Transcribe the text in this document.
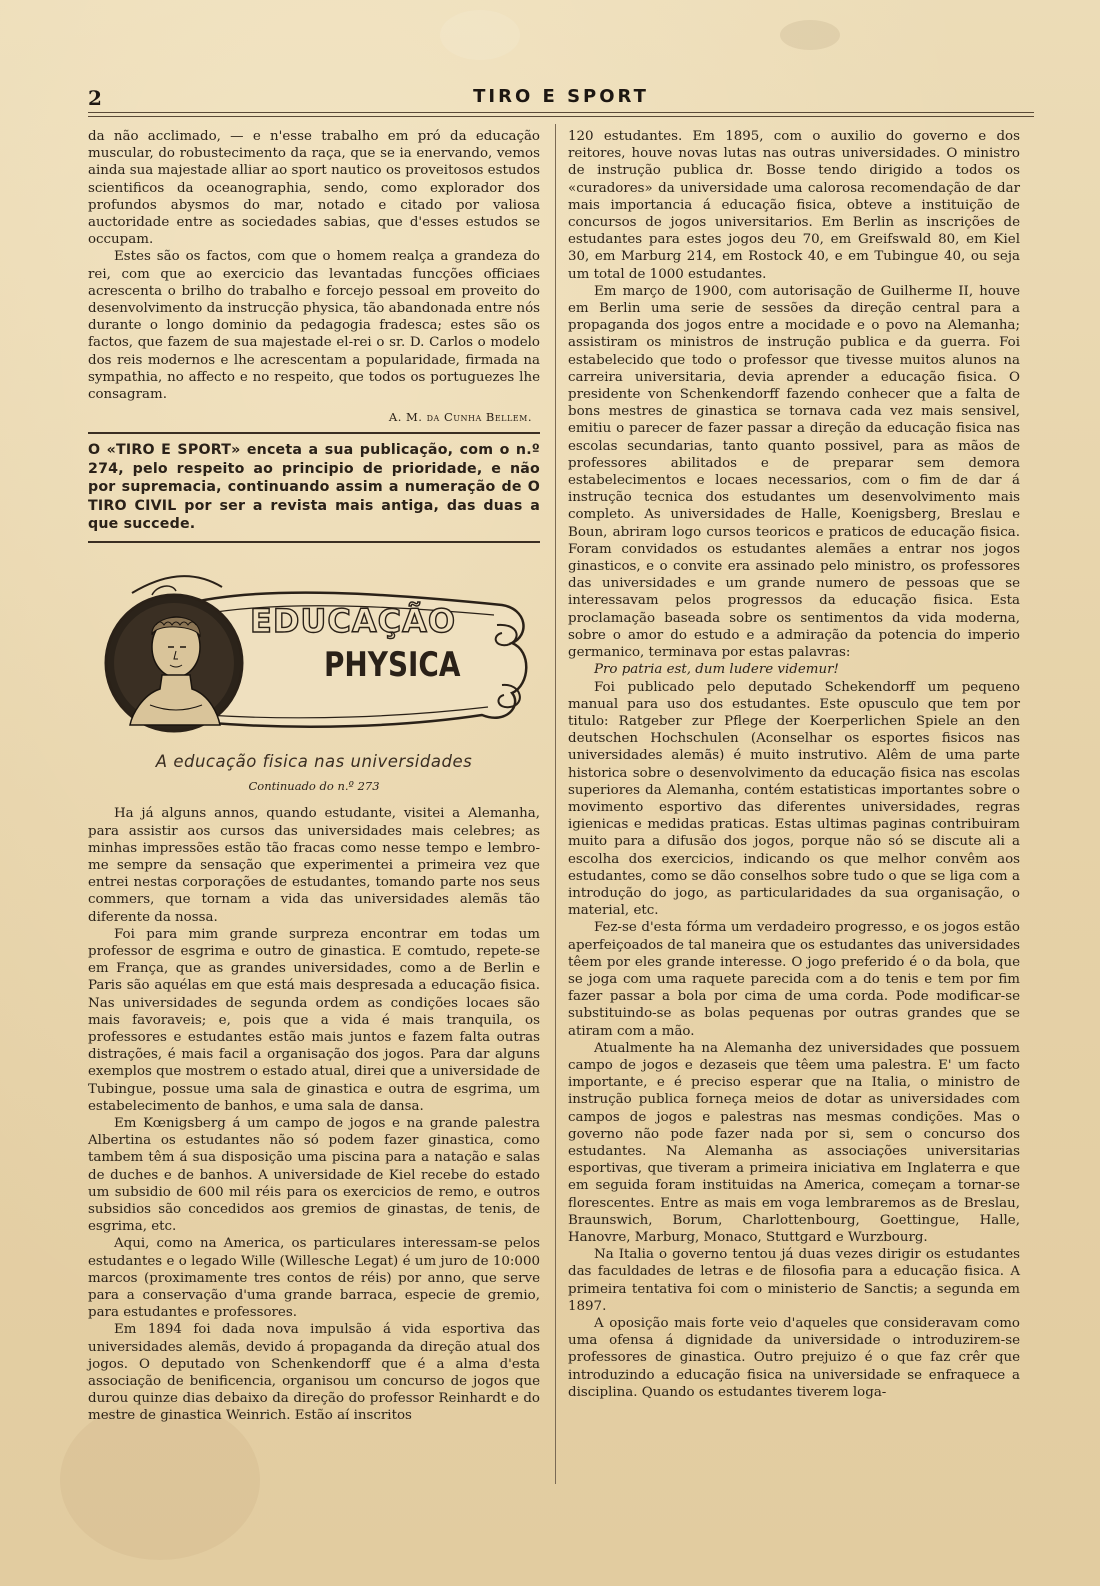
2	TIRO E SPORT

da não acclimado, — e n'esse trabalho em pró da educação muscular, do robustecimento da raça, que se ia enervando, vemos ainda sua majestade alliar ao sport nautico os proveitosos estudos scientificos da oceanographia, sendo, como explorador dos profundos abysmos do mar, notado e citado por valiosa auctoridade entre as sociedades sabias, que d'esses estudos se occupam.

Estes são os factos, com que o homem realça a grandeza do rei, com que ao exercicio das levantadas funcções officiaes acrescenta o brilho do trabalho e forcejo pessoal em proveito do desenvolvimento da instrucção physica, tão abandonada entre nós durante o longo dominio da pedagogia fradesca; estes são os factos, que fazem de sua majestade el-rei o sr. D. Carlos o modelo dos reis modernos e lhe acrescentam a popularidade, firmada na sympathia, no affecto e no respeito, que todos os portuguezes lhe consagram.

A. M. da Cunha Bellem.
O «TIRO E SPORT» enceta a sua publicação, com o n.º 274, pelo respeito ao principio de prioridade, e não por supremacia, continuando assim a numeração de O TIRO CIVIL por ser a revista mais antiga, das duas a que succede.
EDUCAÇÃO
PHYSICA
A educação fisica nas universidades
Continuado do n.º 273

Ha já alguns annos, quando estudante, visitei a Alemanha, para assistir aos cursos das universidades mais celebres; as minhas impressões estão tão fracas como nesse tempo e lembro-me sempre da sensação que experimentei a primeira vez que entrei nestas corporações de estudantes, tomando parte nos seus commers, que tornam a vida das universidades alemãs tão diferente da nossa.

Foi para mim grande surpreza encontrar em todas um professor de esgrima e outro de ginastica. E comtudo, repete-se em França, que as grandes universidades, como a de Berlin e Paris são aquélas em que está mais despresada a educação fisica. Nas universidades de segunda ordem as condições locaes são mais favoraveis; e, pois que a vida é mais tranquila, os professores e estudantes estão mais juntos e fazem falta outras distrações, é mais facil a organisação dos jogos. Para dar alguns exemplos que mostrem o estado atual, direi que a universidade de Tubingue, possue uma sala de ginastica e outra de esgrima, um estabelecimento de banhos, e uma sala de dansa.

Em Kœnigsberg á um campo de jogos e na grande palestra Albertina os estudantes não só podem fazer ginastica, como tambem têm á sua disposição uma piscina para a natação e salas de duches e de banhos. A universidade de Kiel recebe do estado um subsidio de 600 mil réis para os exercicios de remo, e outros subsidios são concedidos aos gremios de ginastas, de tenis, de esgrima, etc.

Aqui, como na America, os particulares interessam-se pelos estudantes e o legado Wille (Willesche Legat) é um juro de 10:000 marcos (proximamente tres contos de réis) por anno, que serve para a conservação d'uma grande barraca, especie de gremio, para estudantes e professores.

Em 1894 foi dada nova impulsão á vida esportiva das universidades alemãs, devido á propaganda da direção atual dos jogos. O deputado von Schenkendorff que é a alma d'esta associação de benificencia, organisou um concurso de jogos que durou quinze dias debaixo da direção do professor Reinhardt e do mestre de ginastica Weinrich. Estão aí inscritos

120 estudantes. Em 1895, com o auxilio do governo e dos reitores, houve novas lutas nas outras universidades. O ministro de instrução publica dr. Bosse tendo dirigido a todos os «curadores» da universidade uma calorosa recomendação de dar mais importancia á educação fisica, obteve a instituição de concursos de jogos universitarios. Em Berlin as inscrições de estudantes para estes jogos deu 70, em Greifswald 80, em Kiel 30, em Marburg 214, em Rostock 40, e em Tubingue 40, ou seja um total de 1000 estudantes.

Em março de 1900, com autorisação de Guilherme II, houve em Berlin uma serie de sessões da direção central para a propaganda dos jogos entre a mocidade e o povo na Alemanha; assistiram os ministros de instrução publica e da guerra. Foi estabelecido que todo o professor que tivesse muitos alunos na carreira universitaria, devia aprender a educação fisica. O presidente von Schenkendorff fazendo conhecer que a falta de bons mestres de ginastica se tornava cada vez mais sensivel, emitiu o parecer de fazer passar a direção da educação fisica nas escolas secundarias, tanto quanto possivel, para as mãos de professores abilitados e de preparar sem demora estabelecimentos e locaes necessarios, com o fim de dar á instrução tecnica dos estudantes um desenvolvimento mais completo. As universidades de Halle, Koenigsberg, Breslau e Boun, abriram logo cursos teoricos e praticos de educação fisica. Foram convidados os estudantes alemães a entrar nos jogos ginasticos, e o convite era assinado pelo ministro, os professores das universidades e um grande numero de pessoas que se interessavam pelos progressos da educação fisica. Esta proclamação baseada sobre os sentimentos da vida moderna, sobre o amor do estudo e a admiração da potencia do imperio germanico, terminava por estas palavras:

Pro patria est, dum ludere videmur!

Foi publicado pelo deputado Schekendorff um pequeno manual para uso dos estudantes. Este opusculo que tem por titulo: Ratgeber zur Pflege der Koerperlichen Spiele an den deutschen Hochschulen (Aconselhar os esportes fisicos nas universidades alemãs) é muito instrutivo. Alêm de uma parte historica sobre o desenvolvimento da educação fisica nas escolas superiores da Alemanha, contém estatisticas importantes sobre o movimento esportivo das diferentes universidades, regras igienicas e medidas praticas. Estas ultimas paginas contribuiram muito para a difusão dos jogos, porque não só se discute ali a escolha dos exercicios, indicando os que melhor convêm aos estudantes, como se dão conselhos sobre tudo o que se liga com a introdução do jogo, as particularidades da sua organisação, o material, etc.

Fez-se d'esta fórma um verdadeiro progresso, e os jogos estão aperfeiçoados de tal maneira que os estudantes das universidades têem por eles grande interesse. O jogo preferido é o da bola, que se joga com uma raquete parecida com a do tenis e tem por fim fazer passar a bola por cima de uma corda. Pode modificar-se substituindo-se as bolas pequenas por outras grandes que se atiram com a mão.

Atualmente ha na Alemanha dez universidades que possuem campo de jogos e dezaseis que têem uma palestra. E' um facto importante, e é preciso esperar que na Italia, o ministro de instrução publica forneça meios de dotar as universidades com campos de jogos e palestras nas mesmas condições. Mas o governo não pode fazer nada por si, sem o concurso dos estudantes. Na Alemanha as associações universitarias esportivas, que tiveram a primeira iniciativa em Inglaterra e que em seguida foram instituidas na America, começam a tornar-se florescentes. Entre as mais em voga lembraremos as de Breslau, Braunswich, Borum, Charlottenbourg, Goettingue, Halle, Hanovre, Marburg, Monaco, Stuttgard e Wurzbourg.

Na Italia o governo tentou já duas vezes dirigir os estudantes das faculdades de letras e de filosofia para a educação fisica. A primeira tentativa foi com o ministerio de Sanctis; a segunda em 1897.

A oposição mais forte veio d'aqueles que consideravam como uma ofensa á dignidade da universidade o introduzirem-se professores de ginastica. Outro prejuizo é o que faz crêr que introduzindo a educação fisica na universidade se enfraquece a disciplina. Quando os estudantes tiverem loga-
